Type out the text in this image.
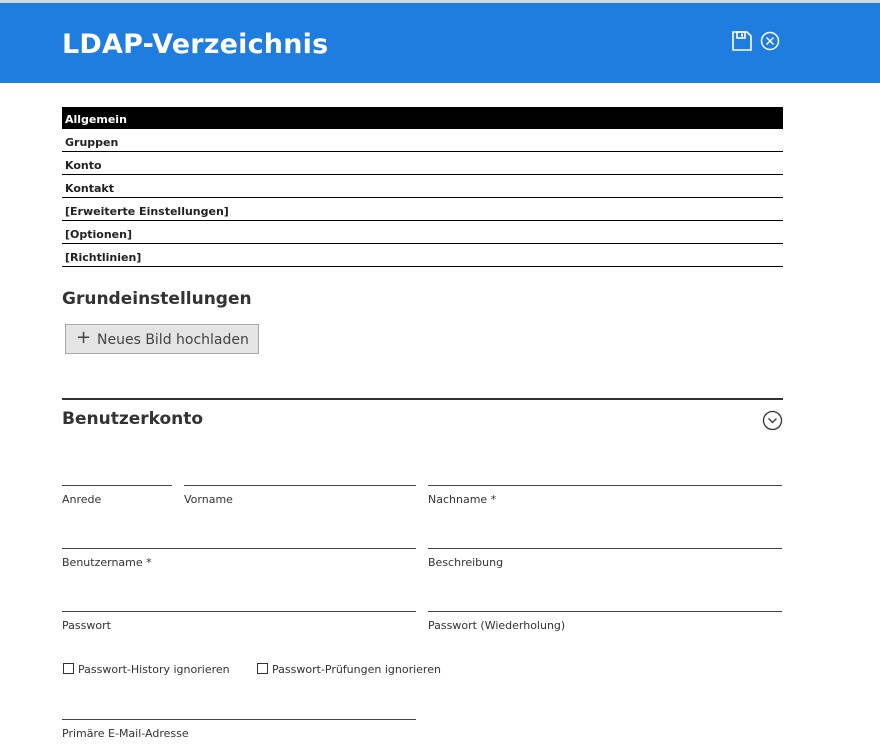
LDAP-Verzeichnis
Allgemein
Gruppen
Konto
Kontakt
[Erweiterte Einstellungen]
[Optionen]
[Richtlinien]
Grundeinstellungen
+ Neues Bild hochladen
Benutzerkonto
Anrede	Vorname	Nachname *
Benutzername *	Beschreibung
Passwort	Passwort (Wiederholung)
Passwort-History ignorieren	Passwort-Prüfungen ignorieren
Primäre E-Mail-Adresse
